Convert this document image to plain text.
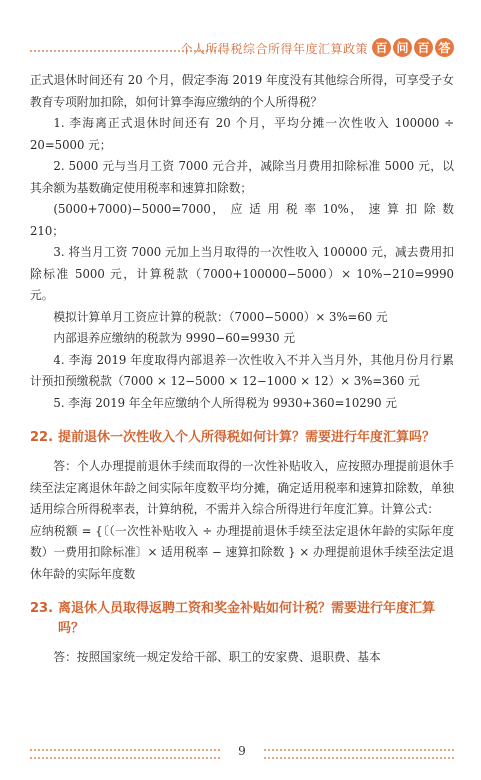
个人所得税综合所得年度汇算政策 百 问 百 答

正式退休时间还有 20 个月，假定李海 2019 年度没有其他综合所得，可享受子女教育专项附加扣除，如何计算李海应缴纳的个人所得税？

1. 李海离正式退休时间还有 20 个月，平均分摊一次性收入 100000 ÷ 20=5000 元；

2. 5000 元与当月工资 7000 元合并，减除当月费用扣除标准 5000 元，以其余额为基数确定使用税率和速算扣除数；

(5000+7000)−5000=7000， 应 适 用 税 率 10%， 速 算 扣 除 数 210；

3. 将当月工资 7000 元加上当月取得的一次性收入 100000 元，减去费用扣除标准 5000 元，计算税款（7000+100000−5000）× 10%−210=9990 元。

模拟计算单月工资应计算的税款：（7000−5000）× 3%=60 元

内部退养应缴纳的税款为 9990−60=9930 元

4. 李海 2019 年度取得内部退养一次性收入不并入当月外，其他月份月行累计预扣预缴税款（7000 × 12−5000 × 12−1000 × 12）× 3%=360 元

5. 李海 2019 年全年应缴纳个人所得税为 9930+360=10290 元

22. 提前退休一次性收入个人所得税如何计算？需要进行年度汇算吗？

答：个人办理提前退休手续而取得的一次性补贴收入，应按照办理提前退休手续至法定离退休年龄之间实际年度数平均分摊，确定适用税率和速算扣除数，单独适用综合所得税率表，计算纳税，不需并入综合所得进行年度汇算。计算公式：

应纳税额 = {〔（一次性补贴收入 ÷ 办理提前退休手续至法定退休年龄的实际年度数）一费用扣除标准〕× 适用税率 − 速算扣除数 } × 办理提前退休手续至法定退休年龄的实际年度数

23. 离退休人员取得返聘工资和奖金补贴如何计税？需要进行年度汇算吗？

答：按照国家统一规定发给干部、职工的安家费、退职费、基本

9
